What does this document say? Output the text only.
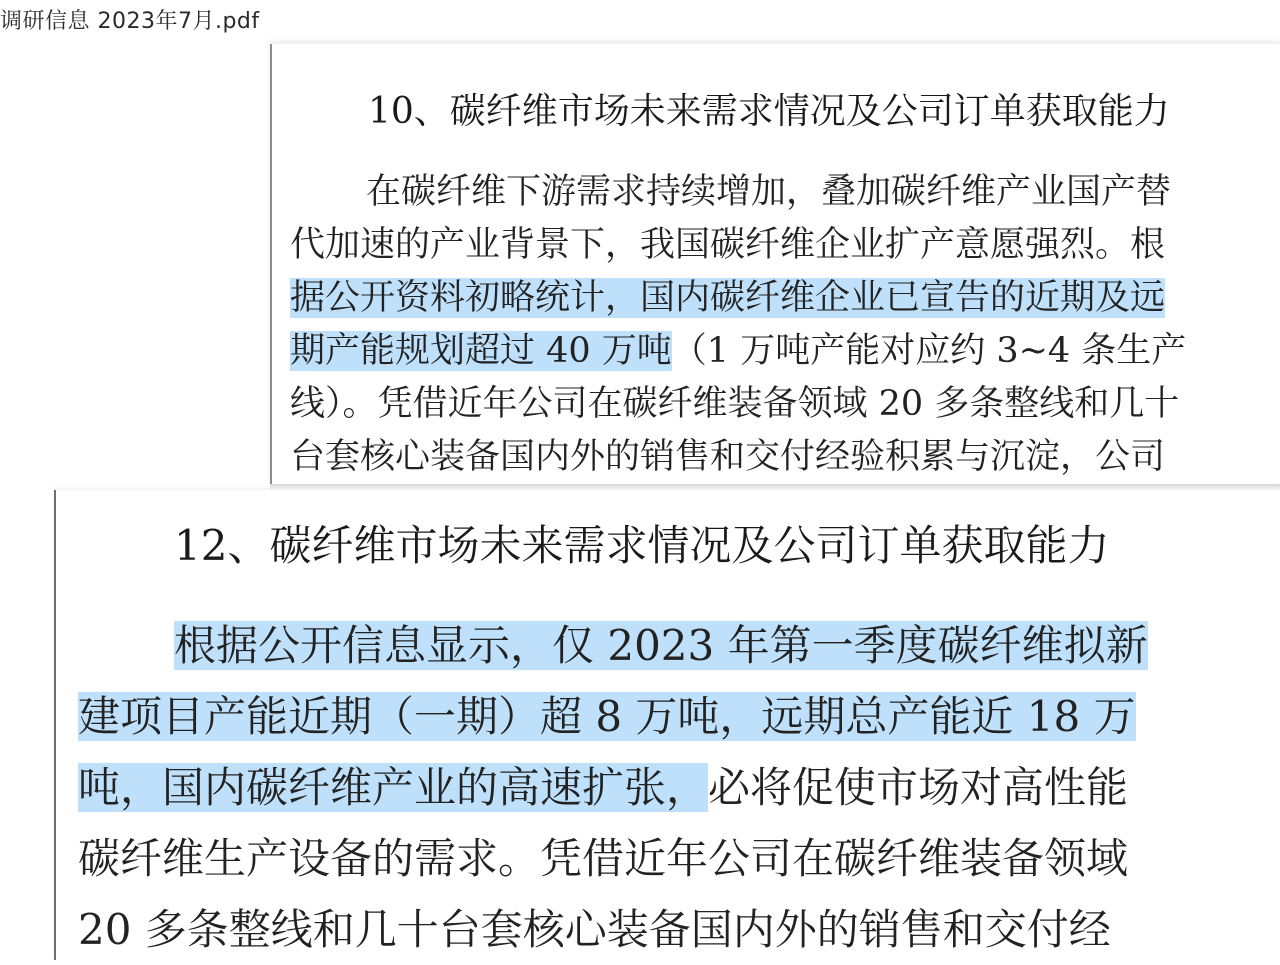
调研信息 2023年7月.pdf
10、碳纤维市场未来需求情况及公司订单获取能力
在碳纤维下游需求持续增加，叠加碳纤维产业国产替
代加速的产业背景下，我国碳纤维企业扩产意愿强烈。根
据公开资料初略统计，国内碳纤维企业已宣告的近期及远
期产能规划超过 40 万吨（1 万吨产能对应约 3~4 条生产
线）。凭借近年公司在碳纤维装备领域 20 多条整线和几十
台套核心装备国内外的销售和交付经验积累与沉淀，公司
12、碳纤维市场未来需求情况及公司订单获取能力
根据公开信息显示，仅 2023 年第一季度碳纤维拟新
建项目产能近期（一期）超 8 万吨，远期总产能近 18 万
吨，国内碳纤维产业的高速扩张，必将促使市场对高性能
碳纤维生产设备的需求。凭借近年公司在碳纤维装备领域
20 多条整线和几十台套核心装备国内外的销售和交付经
